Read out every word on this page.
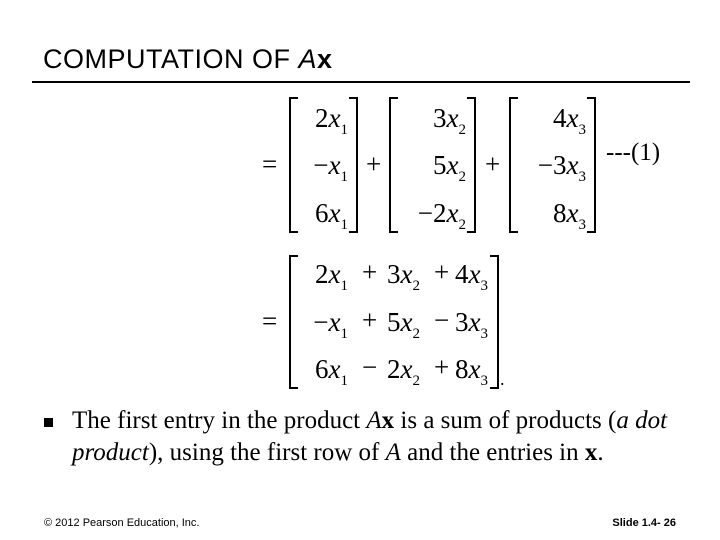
COMPUTATION OF Ax
=
$2x_1$
$-x_1$
$6x_1$
+
$3x_2$
$5x_2$
$-2x_2$
+
$4x_3$
$-3x_3$
$8x_3$
---(1)
=
$2x_1 + 3x_2 + 4x_3$
$-x_1 + 5x_2 - 3x_3$
$6x_1 - 2x_2 + 8x_3$ .
The first entry in the product Ax is a sum of products (a dot product), using the first row of A and the entries in x.
© 2012 Pearson Education, Inc.	Slide 1.4- 26
